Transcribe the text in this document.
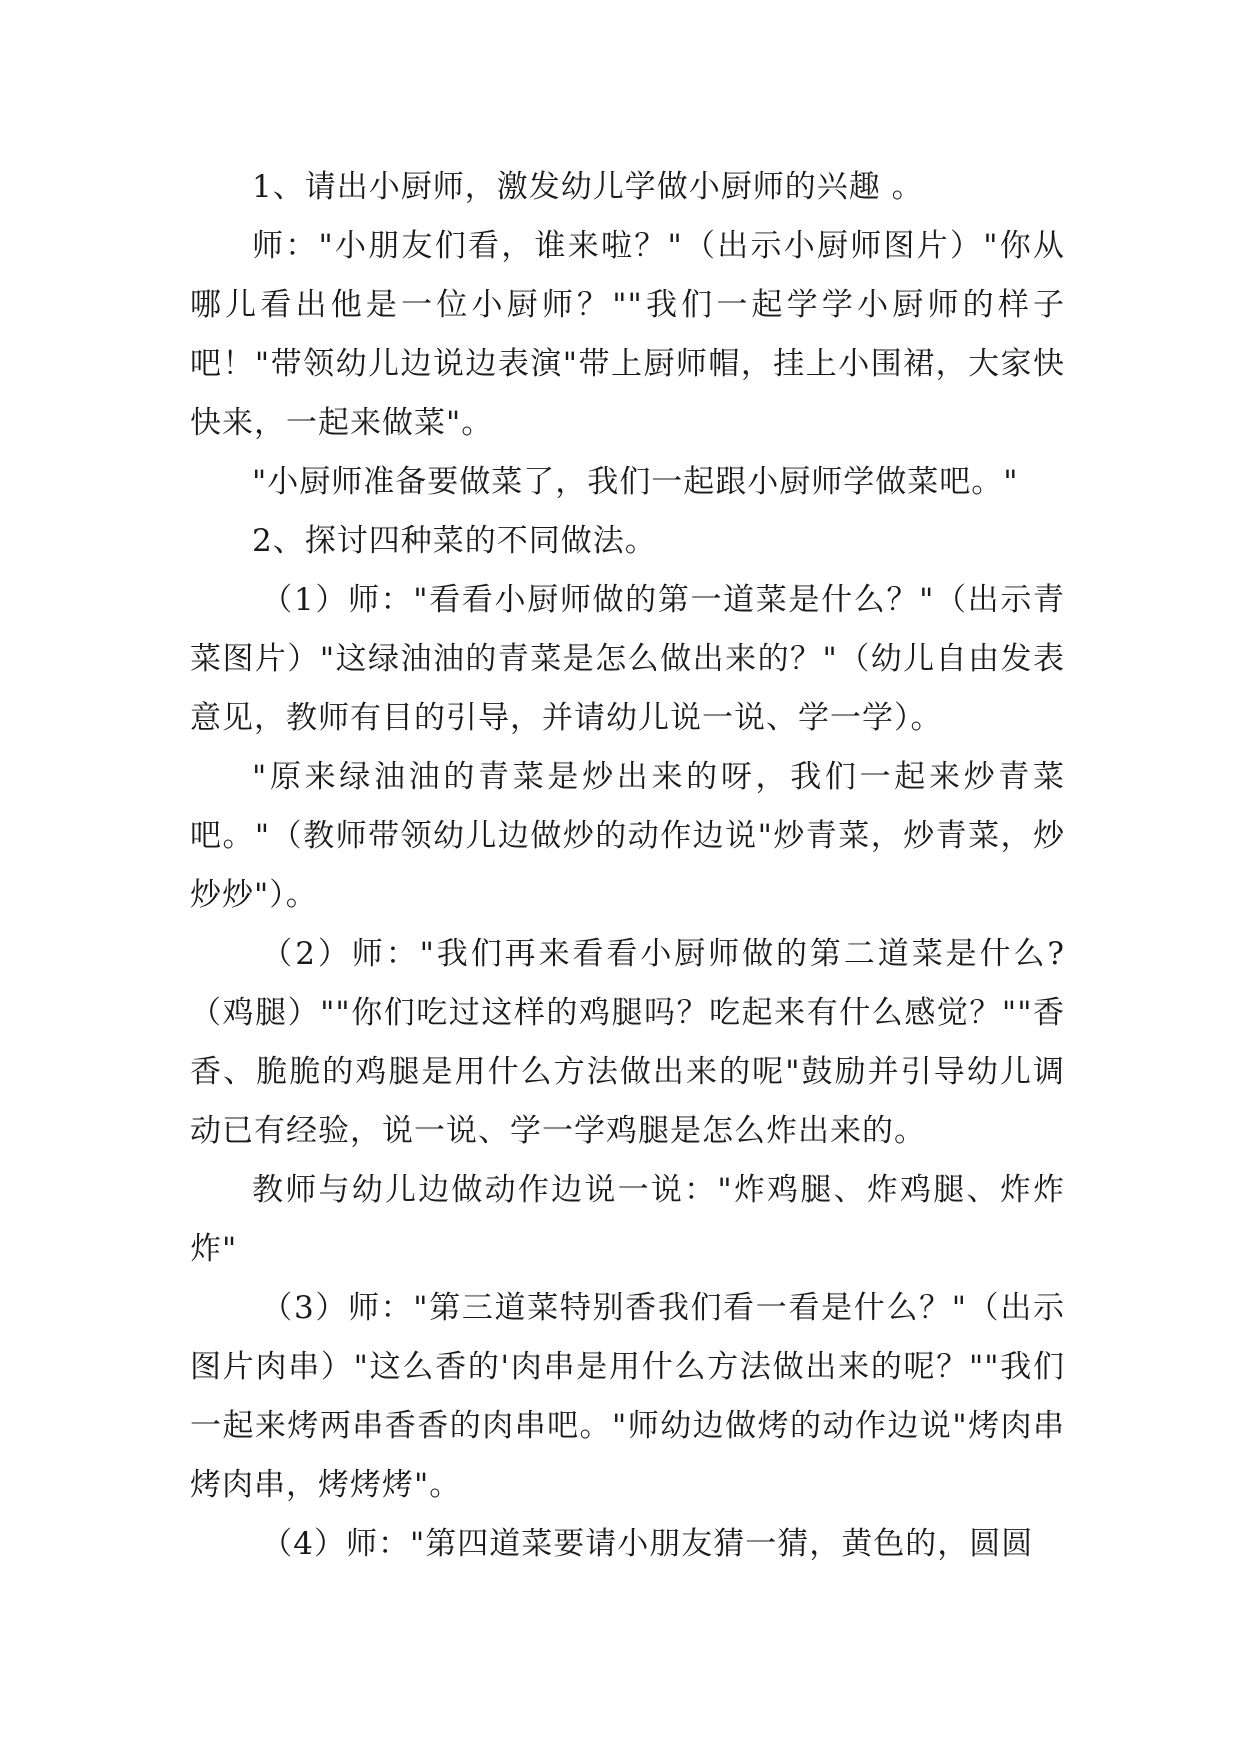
1、请出小厨师，激发幼儿学做小厨师的兴趣 。

师："小朋友们看，谁来啦？"（出示小厨师图片）"你从哪儿看出他是一位小厨师？""我们一起学学小厨师的样子吧！"带领幼儿边说边表演"带上厨师帽，挂上小围裙，大家快快来，一起来做菜"。

"小厨师准备要做菜了，我们一起跟小厨师学做菜吧。"

2、探讨四种菜的不同做法。

（1）师："看看小厨师做的第一道菜是什么？"（出示青菜图片）"这绿油油的青菜是怎么做出来的？"（幼儿自由发表意见，教师有目的引导，并请幼儿说一说、学一学）。

"原来绿油油的青菜是炒出来的呀，我们一起来炒青菜吧。"（教师带领幼儿边做炒的动作边说"炒青菜，炒青菜，炒炒炒"）。

（2）师："我们再来看看小厨师做的第二道菜是什么?（鸡腿）""你们吃过这样的鸡腿吗？吃起来有什么感觉？""香香、脆脆的鸡腿是用什么方法做出来的呢"鼓励并引导幼儿调动已有经验，说一说、学一学鸡腿是怎么炸出来的。

教师与幼儿边做动作边说一说："炸鸡腿、炸鸡腿、炸炸炸"

（3）师："第三道菜特别香我们看一看是什么？"（出示图片肉串）"这么香的'肉串是用什么方法做出来的呢？""我们一起来烤两串香香的肉串吧。"师幼边做烤的动作边说"烤肉串烤肉串，烤烤烤"。

（4）师："第四道菜要请小朋友猜一猜，黄色的，圆圆
